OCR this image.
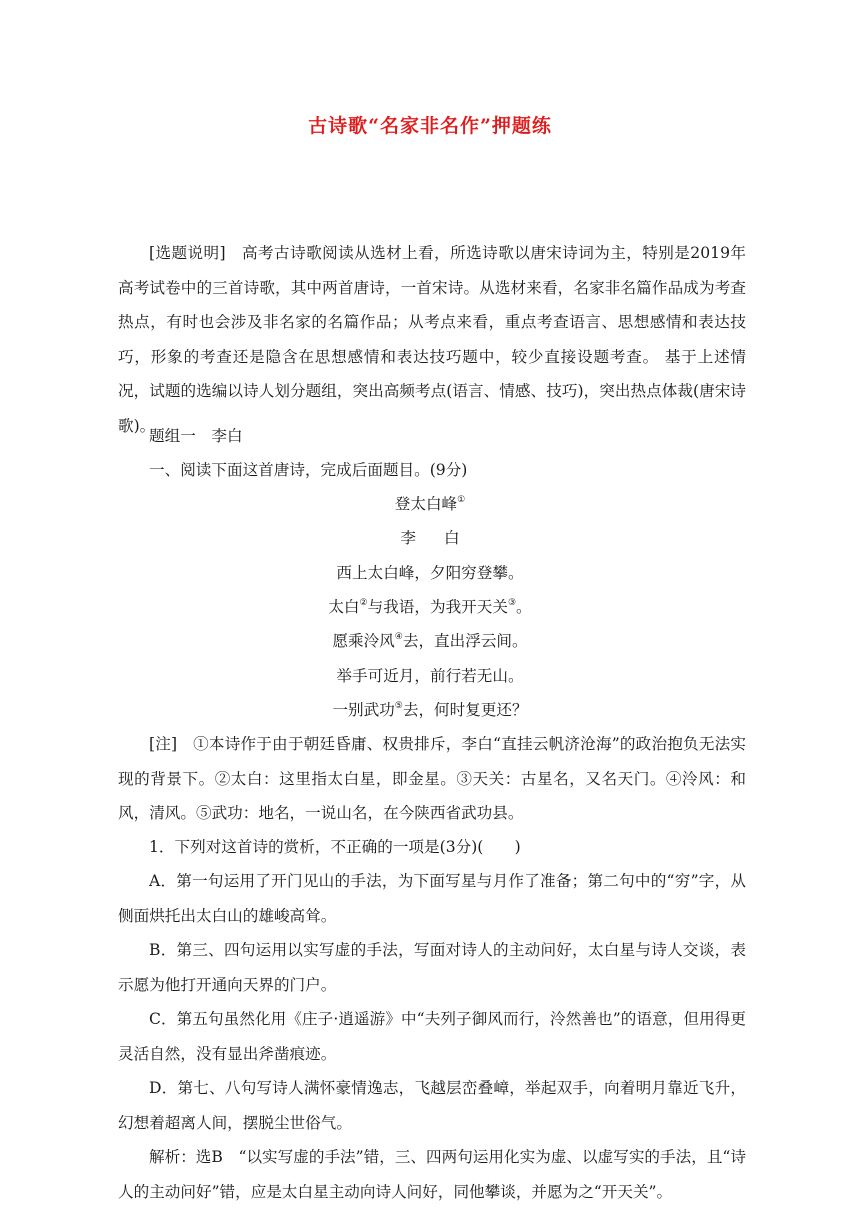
古诗歌“名家非名作”押题练
[选题说明]　高考古诗歌阅读从选材上看，所选诗歌以唐宋诗词为主，特别是2019年高考试卷中的三首诗歌，其中两首唐诗，一首宋诗。从选材来看，名家非名篇作品成为考查热点，有时也会涉及非名家的名篇作品；从考点来看，重点考查语言、思想感情和表达技巧，形象的考查还是隐含在思想感情和表达技巧题中，较少直接设题考查。 基于上述情况，试题的选编以诗人划分题组，突出高频考点(语言、情感、技巧)，突出热点体裁(唐宋诗歌)。
题组一　李白
一、阅读下面这首唐诗，完成后面题目。(9分)
登太白峰①
李 白
西上太白峰，夕阳穷登攀。
太白②与我语，为我开天关③。
愿乘泠风④去，直出浮云间。
举手可近月，前行若无山。
一别武功⑤去，何时复更还？
[注]　①本诗作于由于朝廷昏庸、权贵排斥，李白“直挂云帆济沧海”的政治抱负无法实现的背景下。②太白：这里指太白星，即金星。③天关：古星名，又名天门。④泠风：和风，清风。⑤武功：地名，一说山名，在今陕西省武功县。
1．下列对这首诗的赏析，不正确的一项是(3分)(　　)
A．第一句运用了开门见山的手法，为下面写星与月作了准备；第二句中的“穷”字，从侧面烘托出太白山的雄峻高耸。
B．第三、四句运用以实写虚的手法，写面对诗人的主动问好，太白星与诗人交谈，表示愿为他打开通向天界的门户。
C．第五句虽然化用《庄子·逍遥游》中“夫列子御风而行，泠然善也”的语意，但用得更灵活自然，没有显出斧凿痕迹。
D．第七、八句写诗人满怀豪情逸志，飞越层峦叠嶂，举起双手，向着明月靠近飞升，幻想着超离人间，摆脱尘世俗气。
解析：选B　“以实写虚的手法”错，三、四两句运用化实为虚、以虚写实的手法，且“诗人的主动问好”错，应是太白星主动向诗人问好，同他攀谈，并愿为之“开天关”。
